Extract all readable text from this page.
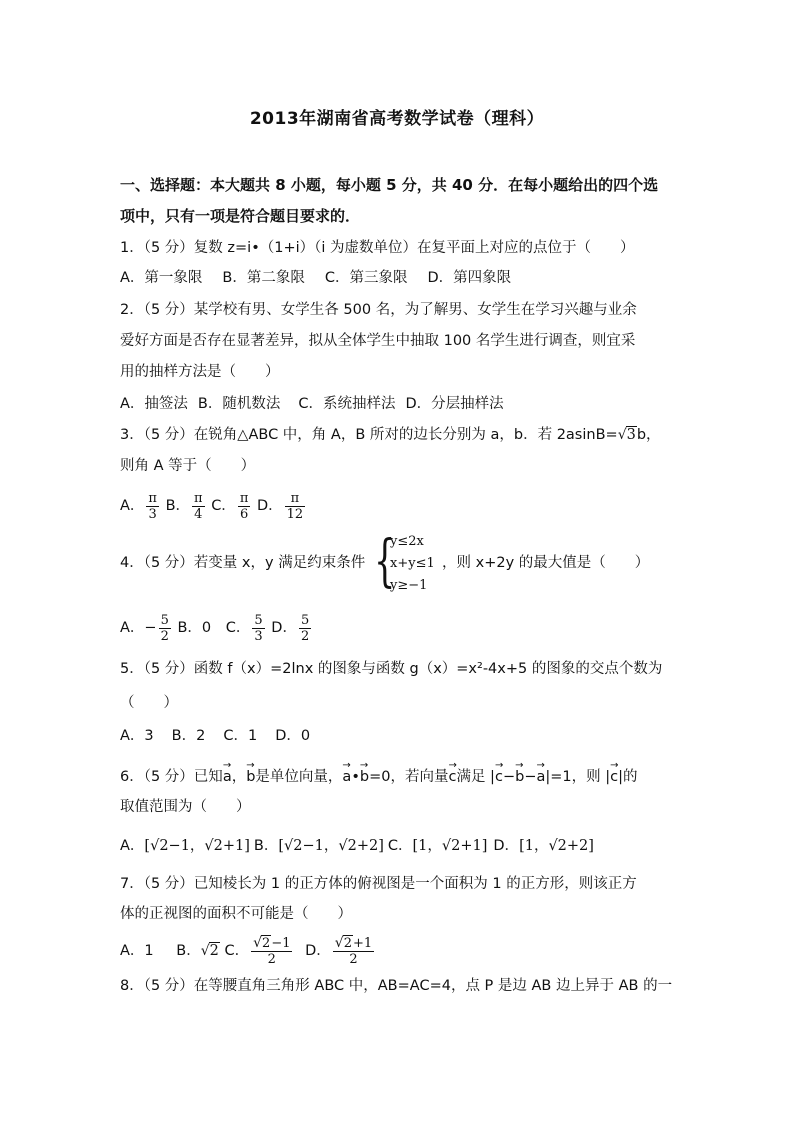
2013年湖南省高考数学试卷（理科）
一、选择题：本大题共 8 小题，每小题 5 分，共 40 分．在每小题给出的四个选
项中，只有一项是符合题目要求的．
1．（5 分）复数 z=i•（1+i）（i 为虚数单位）在复平面上对应的点位于（　　）
A．第一象限 B．第二象限 C．第三象限 D．第四象限
2．（5 分）某学校有男、女学生各 500 名，为了解男、女学生在学习兴趣与业余
爱好方面是否存在显著差异，拟从全体学生中抽取 100 名学生进行调查，则宜采
用的抽样方法是（　　）
A．抽签法 B．随机数法 C．系统抽样法 D．分层抽样法
3．（5 分）在锐角△ABC 中，角 A，B 所对的边长分别为 a，b．若 2asinB=√3b，
则角 A 等于（　　）
A． $\frac{\pi}{3}$ B． $\frac{\pi}{4}$ C． $\frac{\pi}{6}$ D． $\frac{\pi}{12}$
4．（5 分）若变量 x，y 满足约束条件 {
y≤2x
x+y≤1
y≥−1
，则 x+2y 的最大值是（　　）
A．− $\frac{5}{2}$ B．0 C． $\frac{5}{3}$ D． $\frac{5}{2}$
5．（5 分）函数 f（x）=2lnx 的图象与函数 g（x）=x²-4x+5 的图象的交点个数为
（　　）
A．3 B．2 C．1 D．0
6．（5 分）已知→ a，→ b是单位向量，→ a•→ b=0，若向量→ c满足 |→ c−→ b−→ a|=1，则 |→ c|的
取值范围为（　　）
A．[√2−1，√2+1] B．[√2−1，√2+2] C．[1，√2+1] D．[1，√2+2]
7．（5 分）已知棱长为 1 的正方体的俯视图是一个面积为 1 的正方形，则该正方
体的正视图的面积不可能是（　　）
A．1 B．√2 C． $\frac{√2-1}{2}$ D． $\frac{√2+1}{2}$
8．（5 分）在等腰直角三角形 ABC 中，AB=AC=4，点 P 是边 AB 边上异于 AB 的一
